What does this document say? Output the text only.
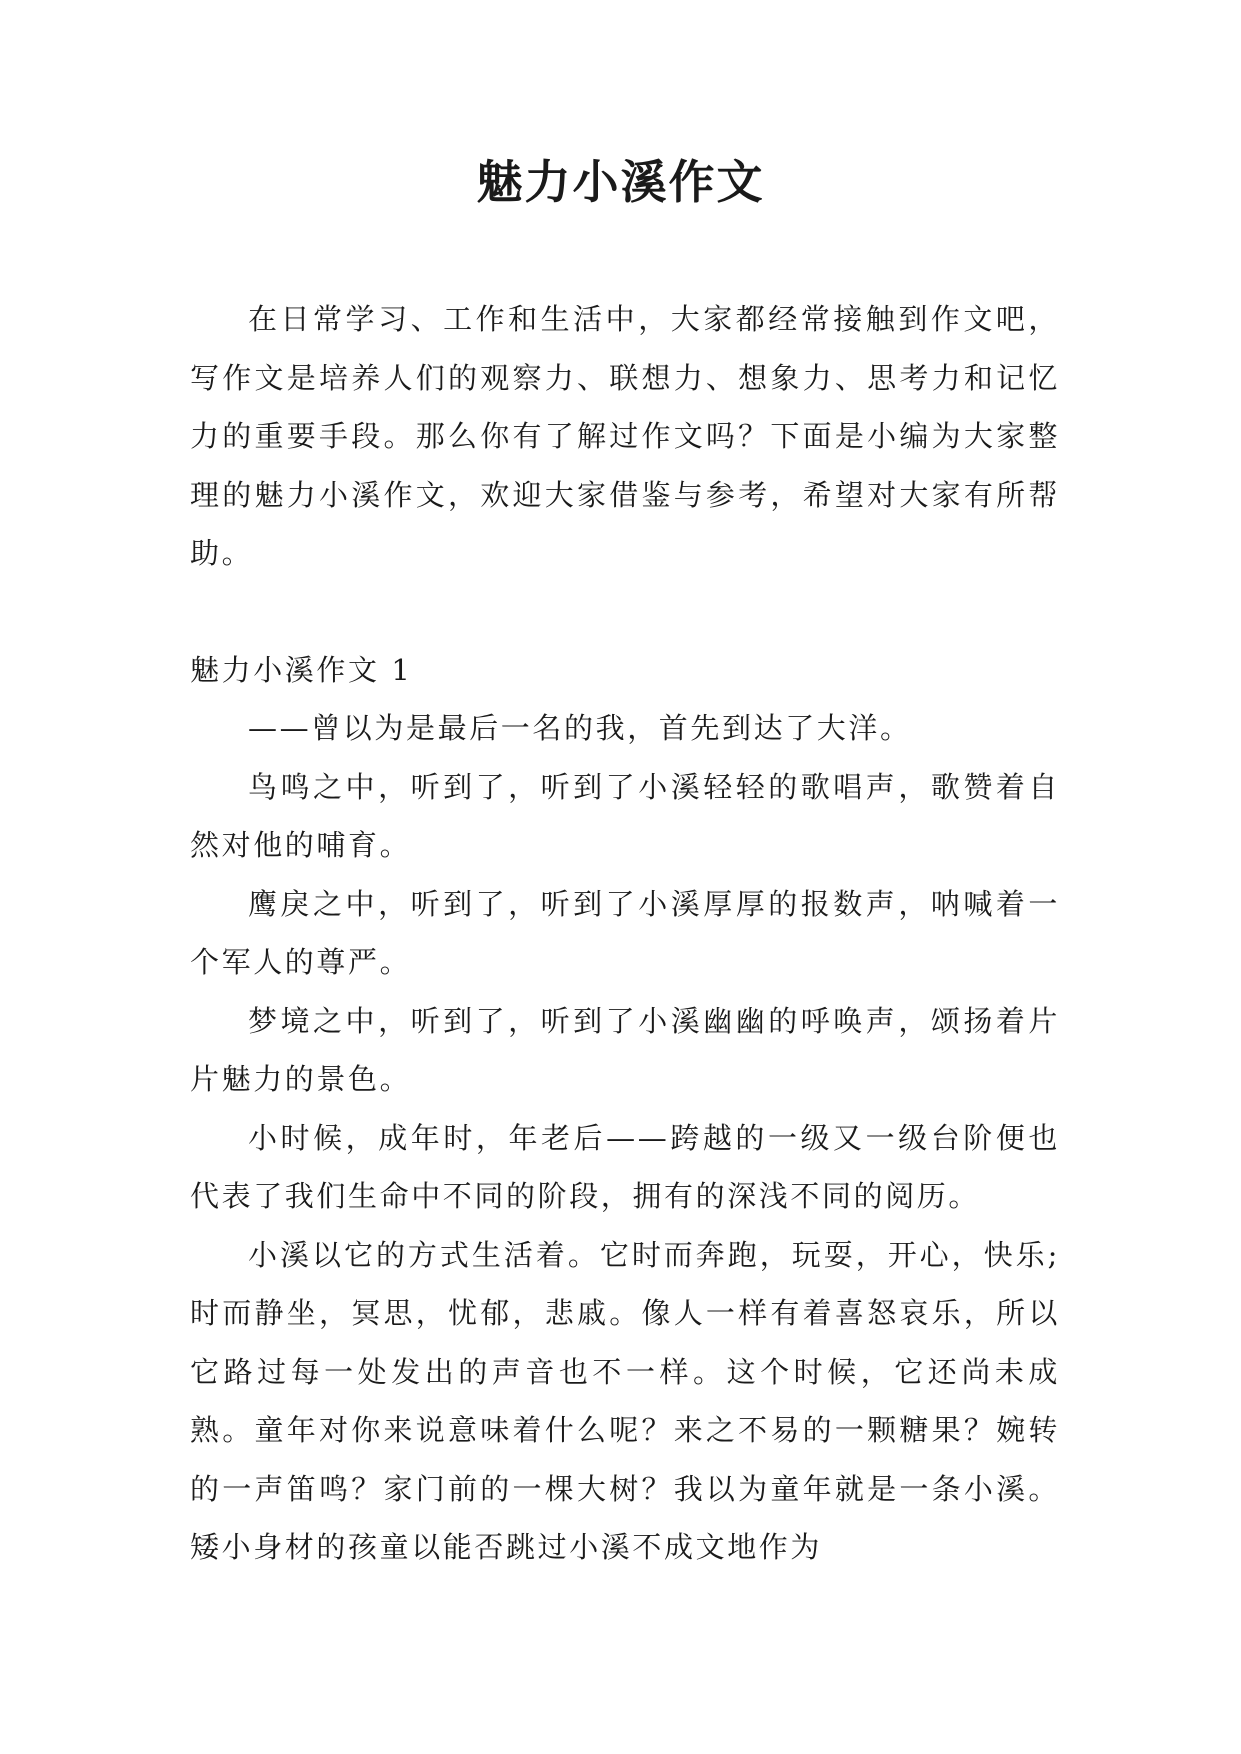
魅力小溪作文

在日常学习、工作和生活中，大家都经常接触到作文吧，写作文是培养人们的观察力、联想力、想象力、思考力和记忆力的重要手段。那么你有了解过作文吗？下面是小编为大家整理的魅力小溪作文，欢迎大家借鉴与参考，希望对大家有所帮助。

魅力小溪作文 1

——曾以为是最后一名的我，首先到达了大洋。

鸟鸣之中，听到了，听到了小溪轻轻的歌唱声，歌赞着自然对他的哺育。

鹰戾之中，听到了，听到了小溪厚厚的报数声，呐喊着一个军人的尊严。

梦境之中，听到了，听到了小溪幽幽的呼唤声，颂扬着片片魅力的景色。

小时候，成年时，年老后——跨越的一级又一级台阶便也代表了我们生命中不同的阶段，拥有的深浅不同的阅历。

小溪以它的方式生活着。它时而奔跑，玩耍，开心，快乐;时而静坐，冥思，忧郁，悲戚。像人一样有着喜怒哀乐，所以它路过每一处发出的声音也不一样。这个时候，它还尚未成熟。童年对你来说意味着什么呢？来之不易的一颗糖果？婉转的一声笛鸣？家门前的一棵大树？我以为童年就是一条小溪。矮小身材的孩童以能否跳过小溪不成文地作为
